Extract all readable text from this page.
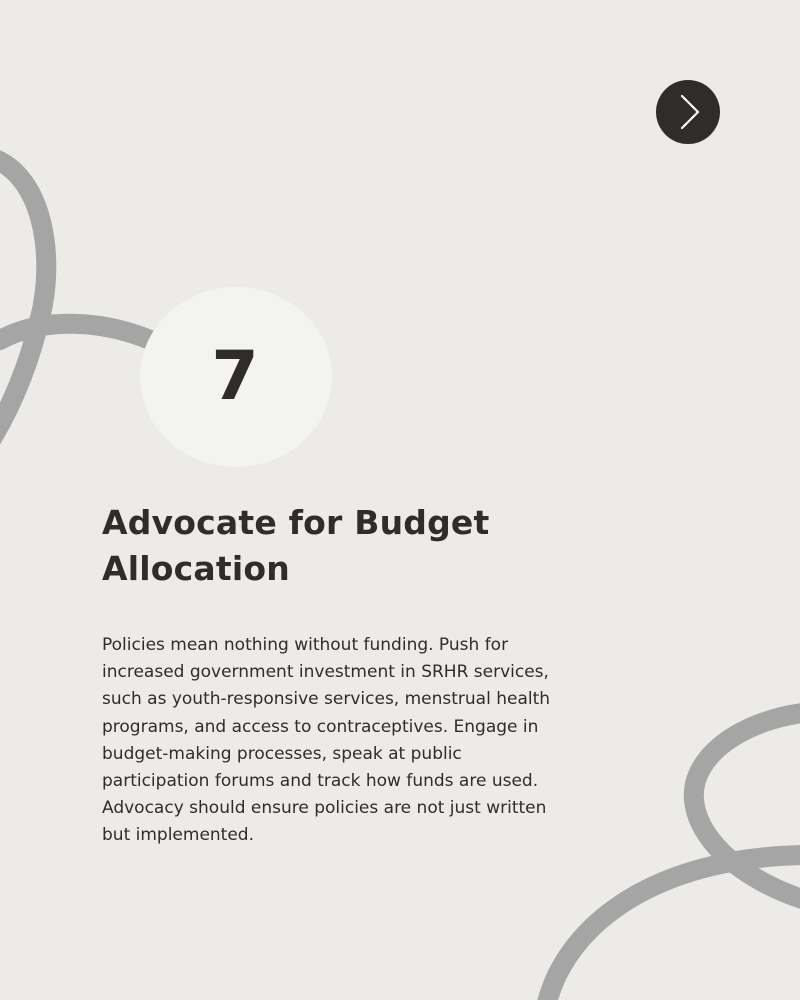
7
Advocate for Budget Allocation

Policies mean nothing without funding. Push for increased government investment in SRHR services, such as youth-responsive services, menstrual health programs, and access to contraceptives. Engage in budget-making processes, speak at public participation forums and track how funds are used. Advocacy should ensure policies are not just written but implemented.
